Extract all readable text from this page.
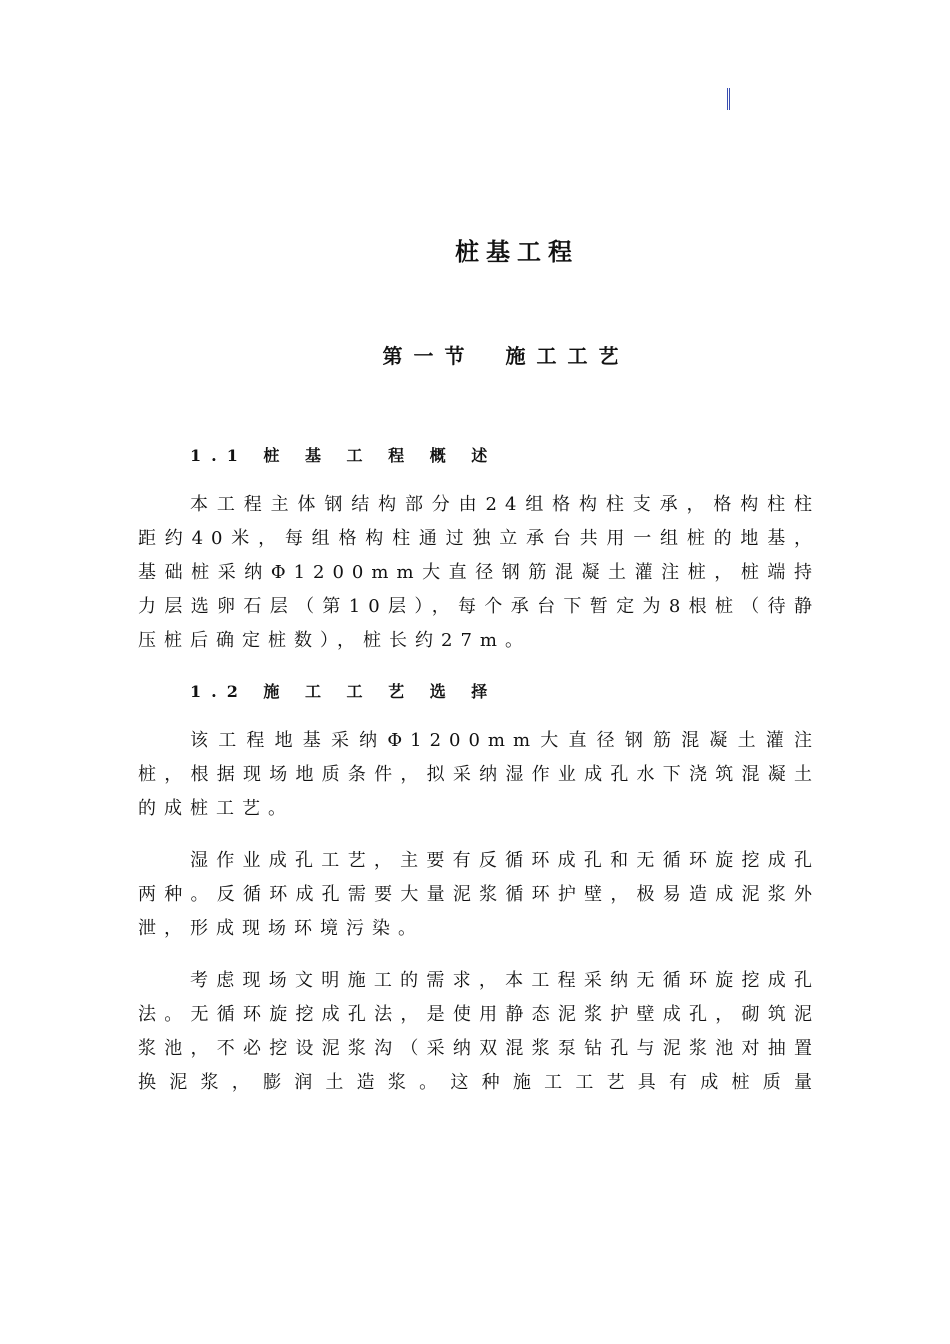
桩基工程
第一节 施工工艺
1.1 桩 基 工 程 概 述

本工程主体钢结构部分由24组格构柱支承，格构柱柱距约40米，每组格构柱通过独立承台共用一组桩的地基，基础桩采纳Φ1200mm大直径钢筋混凝土灌注桩，桩端持力层选卵石层（第10层），每个承台下暂定为8根桩（待静压桩后确定桩数），桩长约27m。

1.2 施 工 工 艺 选 择

该工程地基采纳Φ1200mm大直径钢筋混凝土灌注桩，根据现场地质条件，拟采纳湿作业成孔水下浇筑混凝土的成桩工艺。

湿作业成孔工艺，主要有反循环成孔和无循环旋挖成孔两种。反循环成孔需要大量泥浆循环护壁，极易造成泥浆外泄，形成现场环境污染。

考虑现场文明施工的需求，本工程采纳无循环旋挖成孔法。无循环旋挖成孔法，是使用静态泥浆护壁成孔，砌筑泥浆池，不必挖设泥浆沟（采纳双混浆泵钻孔与泥浆池对抽置换泥浆，膨润土造浆。这种施工工艺具有成桩质量
